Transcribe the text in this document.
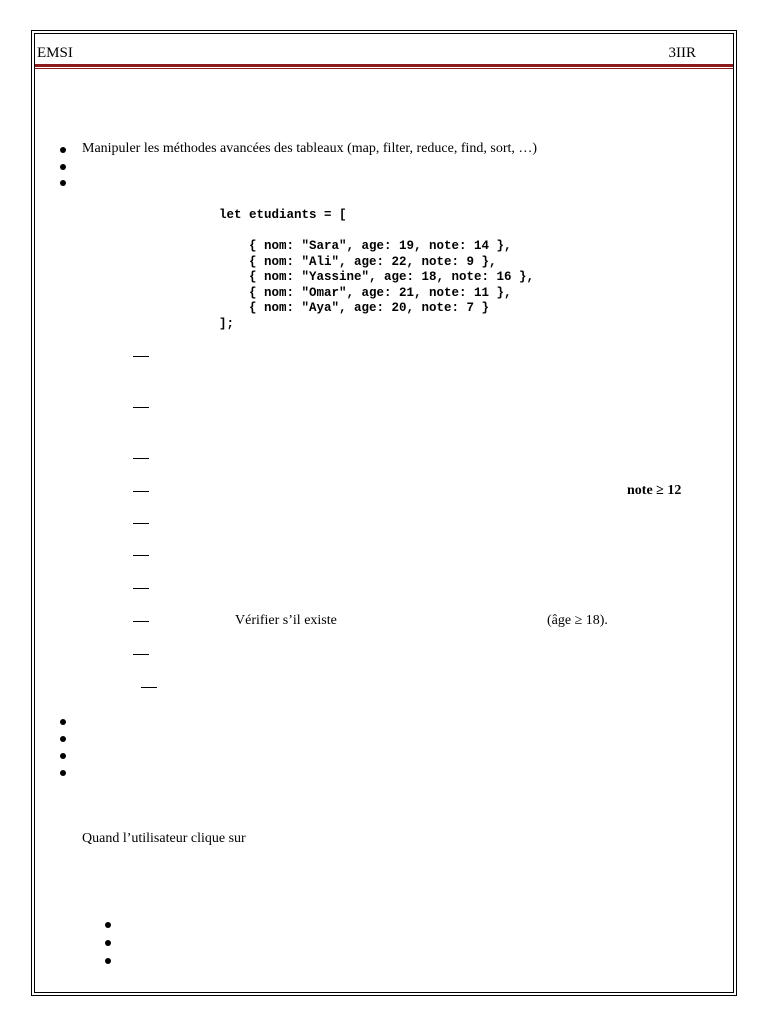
EMSI	3IIR
Manipuler les méthodes avancées des tableaux (map, filter, reduce, find, sort, …)
let etudiants = [
{ nom: "Sara", age: 19, note: 14 },
{ nom: "Ali", age: 22, note: 9 },
{ nom: "Yassine", age: 18, note: 16 },
{ nom: "Omar", age: 21, note: 11 },
{ nom: "Aya", age: 20, note: 7 }
];
note ≥ 12
Vérifier s’il existe	(âge ≥ 18).
Quand l’utilisateur clique sur
